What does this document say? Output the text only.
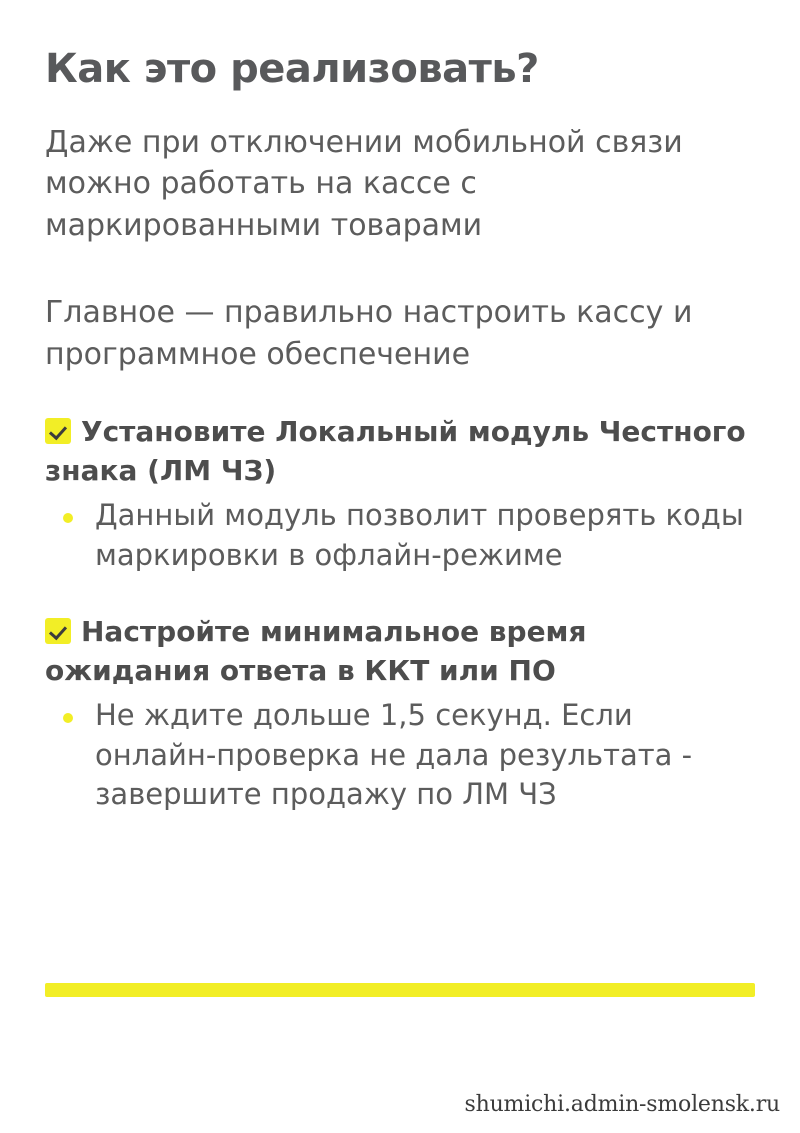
Как это реализовать?

Даже при отключении мобильной связи можно работать на кассе с маркированными товарами

Главное — правильно настроить кассу и программное обеспечение

Установите Локальный модуль Честного знака (ЛМ ЧЗ)

Данный модуль позволит проверять коды маркировки в офлайн-режиме

Настройте минимальное время ожидания ответа в ККТ или ПО

Не ждите дольше 1,5 секунд. Если онлайн-проверка не дала результата - завершите продажу по ЛМ ЧЗ
shumichi.admin-smolensk.ru
